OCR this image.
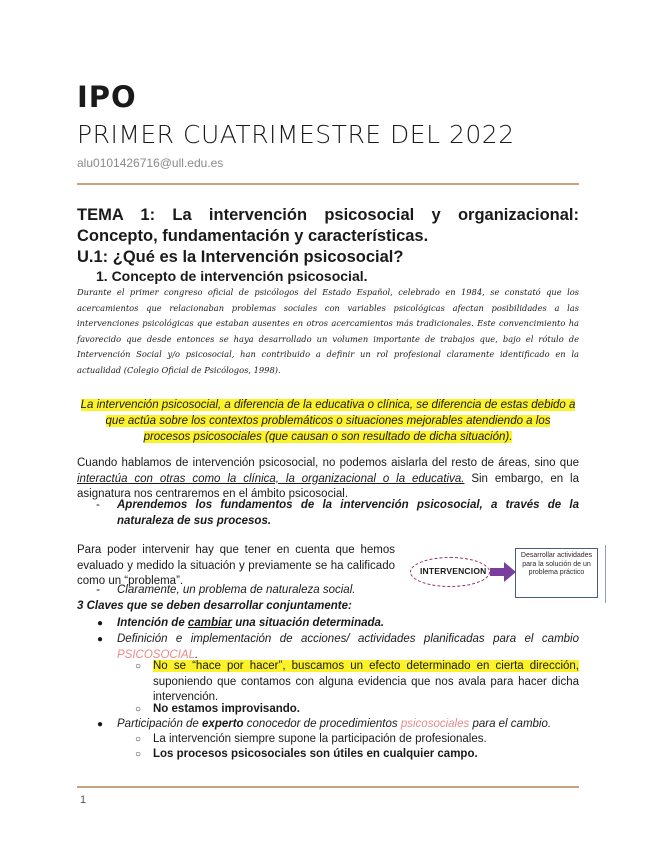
IPO
PRIMER CUATRIMESTRE DEL 2022
alu0101426716@ull.edu.es
TEMA 1: La intervención psicosocial y organizacional: Concepto, fundamentación y características.
U.1: ¿Qué es la Intervención psicosocial?
1. Concepto de intervención psicosocial.

Durante el primer congreso oficial de psicólogos del Estado Español, celebrado en 1984, se constató que los acercamientos que relacionaban problemas sociales con variables psicológicas afectan posibilidades a las intervenciones psicológicas que estaban ausentes en otros acercamientos más tradicionales. Este convencimiento ha favorecido que desde entonces se haya desarrollado un volumen importante de trabajos que, bajo el rótulo de Intervención Social y/o psicosocial, han contribuido a definir un rol profesional claramente identificado en la actualidad (Colegio Oficial de Psicólogos, 1998).

La intervención psicosocial, a diferencia de la educativa o clínica, se diferencia de estas debido a
que actúa sobre los contextos problemáticos o situaciones mejorables atendiendo a los
procesos psicosociales (que causan o son resultado de dicha situación).

Cuando hablamos de intervención psicosocial, no podemos aislarla del resto de áreas, sino que interactúa con otras como la clínica, la organizacional o la educativa. Sin embargo, en la asignatura nos centraremos en el ámbito psicosocial.

- Aprendemos los fundamentos de la intervención psicosocial, a través de la naturaleza de sus procesos.

Para poder intervenir hay que tener en cuenta que hemos evaluado y medido la situación y previamente se ha calificado como un “problema”.

- Claramente, un problema de naturaleza social.
INTERVENCION
Desarrollar actividades para la solución de un problema práctico

3 Claves que se deben desarrollar conjuntamente:

● Intención de cambiar una situación determinada.
● Definición e implementación de acciones/ actividades planificadas para el cambio PSICOSOCIAL.
○ No se “hace por hacer”, buscamos un efecto determinado en cierta dirección, suponiendo que contamos con alguna evidencia que nos avala para hacer dicha intervención.
○ No estamos improvisando.
● Participación de experto conocedor de procedimientos psicosociales para el cambio.
○ La intervención siempre supone la participación de profesionales.
○ Los procesos psicosociales son útiles en cualquier campo.
1
